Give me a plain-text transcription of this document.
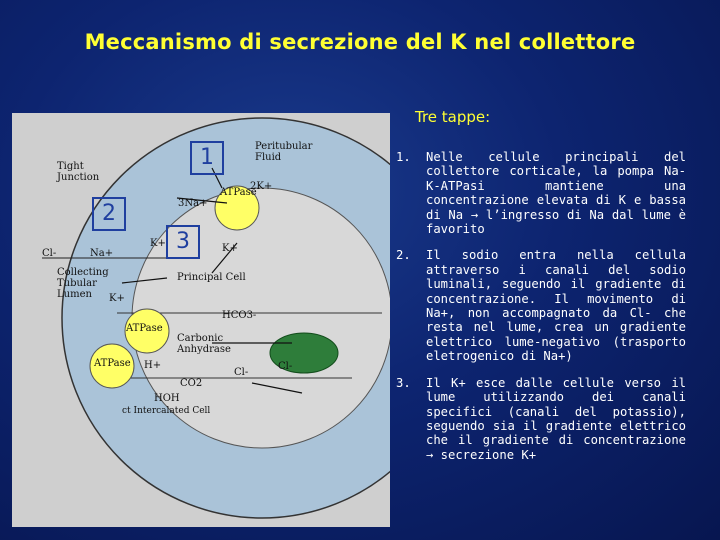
Meccanismo di secrezione del K nel collettore
Tre tappe:
Peritubular
Fluid
Tight
Junction
ATPase
2K+
3Na+
K+	K+
Cl-	Na+
Collecting
Tubular
Lumen
Principal Cell
K+
HCO3-
ATPase
Carbonic
Anhydrase
ATPase H+
Cl-
Cl-
CO2
HOH
ct Intercalated Cell
1
2
3
1. Nelle cellule principali del collettore corticale, la pompa Na-K-ATPasi mantiene una concentrazione elevata di K e bassa di Na → l’ingresso di Na dal lume è favorito
2. Il sodio entra nella cellula attraverso i canali del sodio luminali, seguendo il gradiente di concentrazione. Il movimento di Na+, non accompagnato da Cl- che resta nel lume, crea un gradiente elettrico lume-negativo (trasporto eletrogenico di Na+)
3. Il K+ esce dalle cellule verso il lume utilizzando dei canali specifici (canali del potassio), seguendo sia il gradiente elettrico che il gradiente di concentrazione → secrezione K+
